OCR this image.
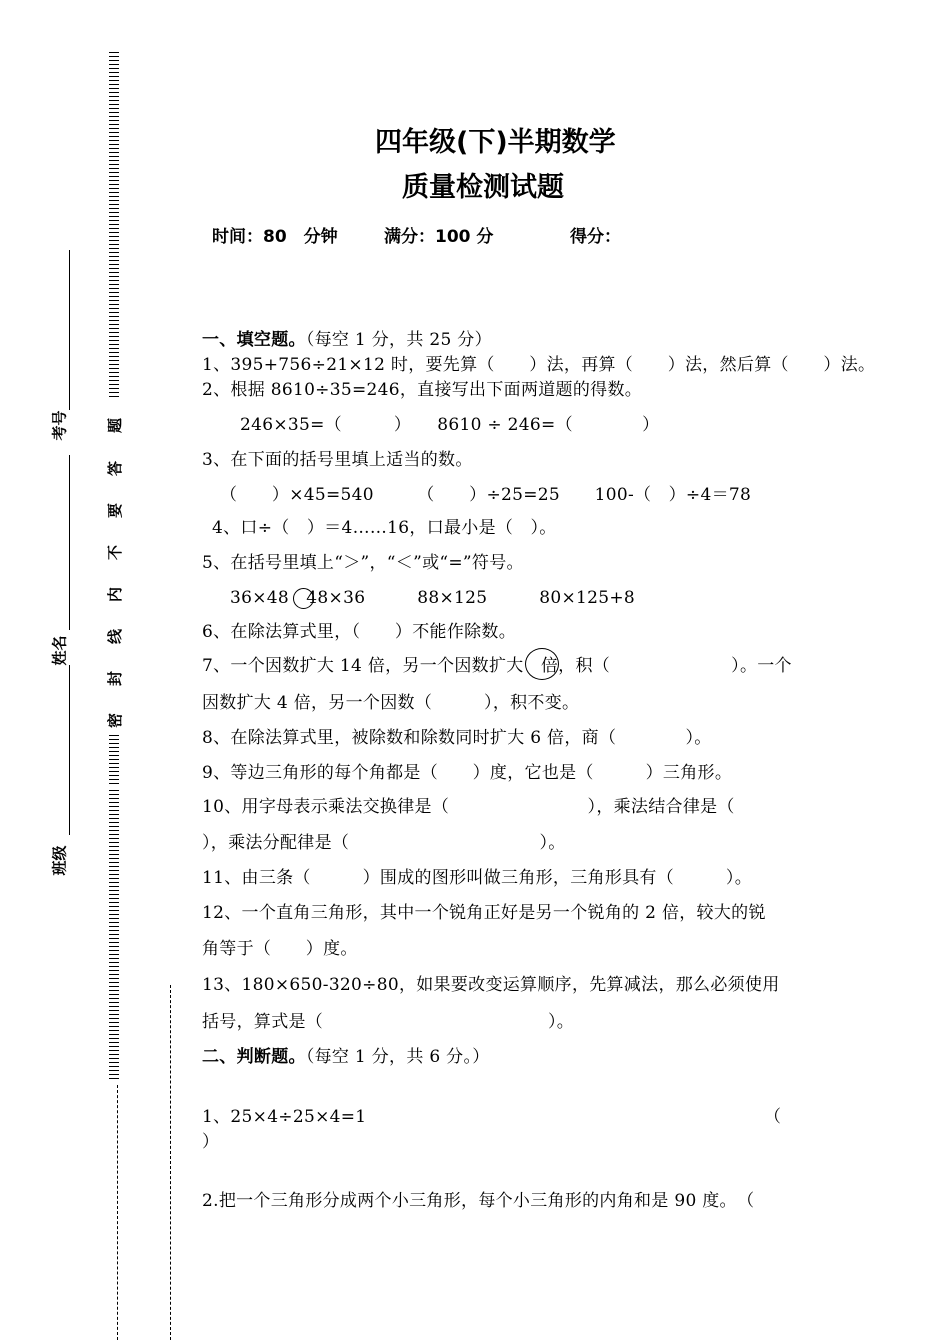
考号
姓名
班级
题
答
要
不
内
线
封
密
四年级(下)半期数学
质量检测试题
时间：80　分钟	满分：100 分	得分：
一、填空题。（每空 1 分，共 25 分）
1、395+756÷21×12 时，要先算（　　）法，再算（　　）法，然后算（　　）法。
2、根据 8610÷35=246，直接写出下面两道题的得数。
246×35=（　　　）　　8610 ÷ 246=（　　　　）
3、在下面的括号里填上适当的数。
（　　）×45=540　　　（　　）÷25=25　　100-（　）÷4＝78
4、口÷（　）＝4……16，口最小是（　）。
5、在括号里填上“＞”，“＜”或“=”符号。
36×48　48×36　　　88×125　　　80×125+8
6、在除法算式里，（　　）不能作除数。
7、一个因数扩大 14 倍，另一个因数扩大　倍，积（　　　　　　　）。一个
因数扩大 4 倍，另一个因数（　　　），积不变。
8、在除法算式里，被除数和除数同时扩大 6 倍，商（　　　　）。
9、等边三角形的每个角都是（　　）度，它也是（　　　）三角形。
10、用字母表示乘法交换律是（　　　　　　　　），乘法结合律是（
），乘法分配律是（　　　　　　　　　　　）。
11、由三条（　　　）围成的图形叫做三角形，三角形具有（　　　）。
12、一个直角三角形，其中一个锐角正好是另一个锐角的 2 倍，较大的锐
角等于（　　）度。
13、180×650-320÷80，如果要改变运算顺序，先算减法，那么必须使用
括号，算式是（　　　　　　　　　　　　　）。
二、判断题。（每空 1 分，共 6 分。）
1、25×4÷25×4=1	（
）
2.把一个三角形分成两个小三角形，每个小三角形的内角和是 90 度。　（
